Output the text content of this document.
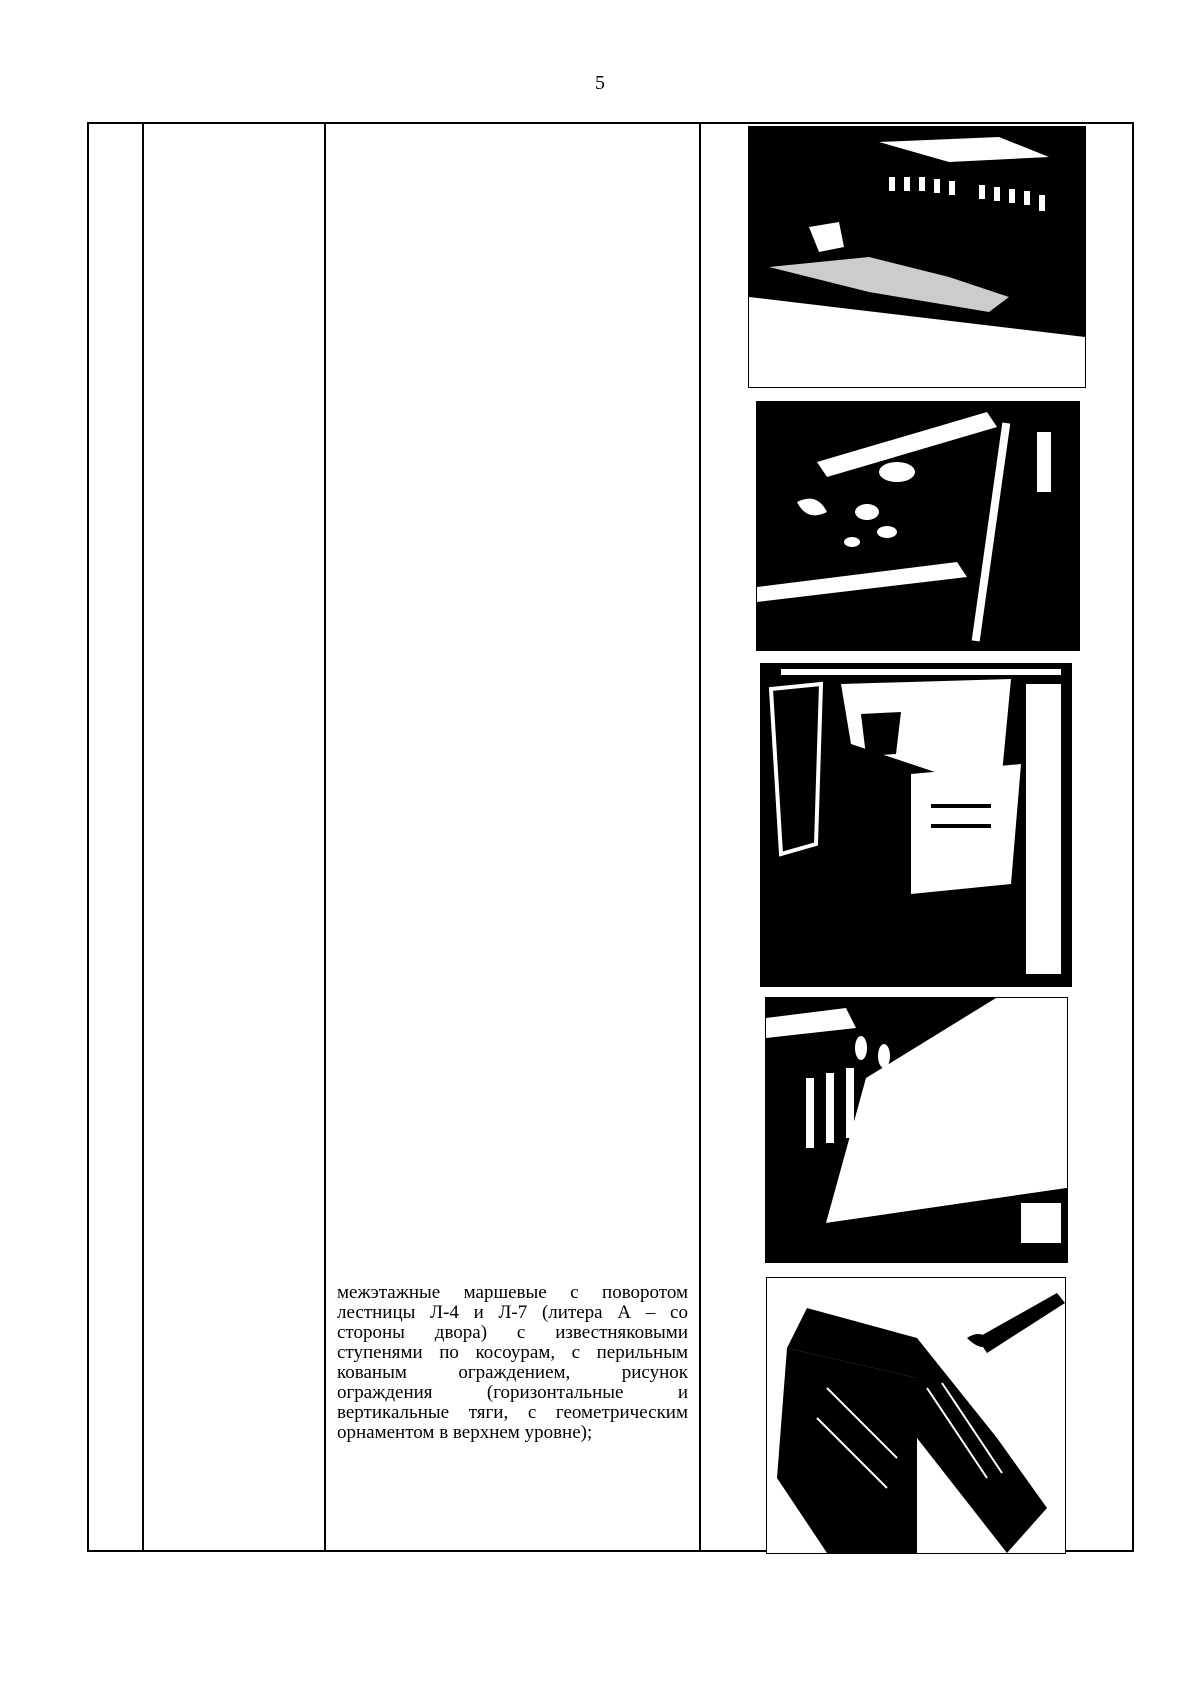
5
межэтажные маршевые с поворотом лестницы Л-4 и Л-7 (литера А – со стороны двора) с известняковыми ступенями по косоурам, с перильным кованым ограждением, рисунок ограждения (горизонтальные и вертикальные тяги, с геометрическим орнаментом в верхнем уровне);
